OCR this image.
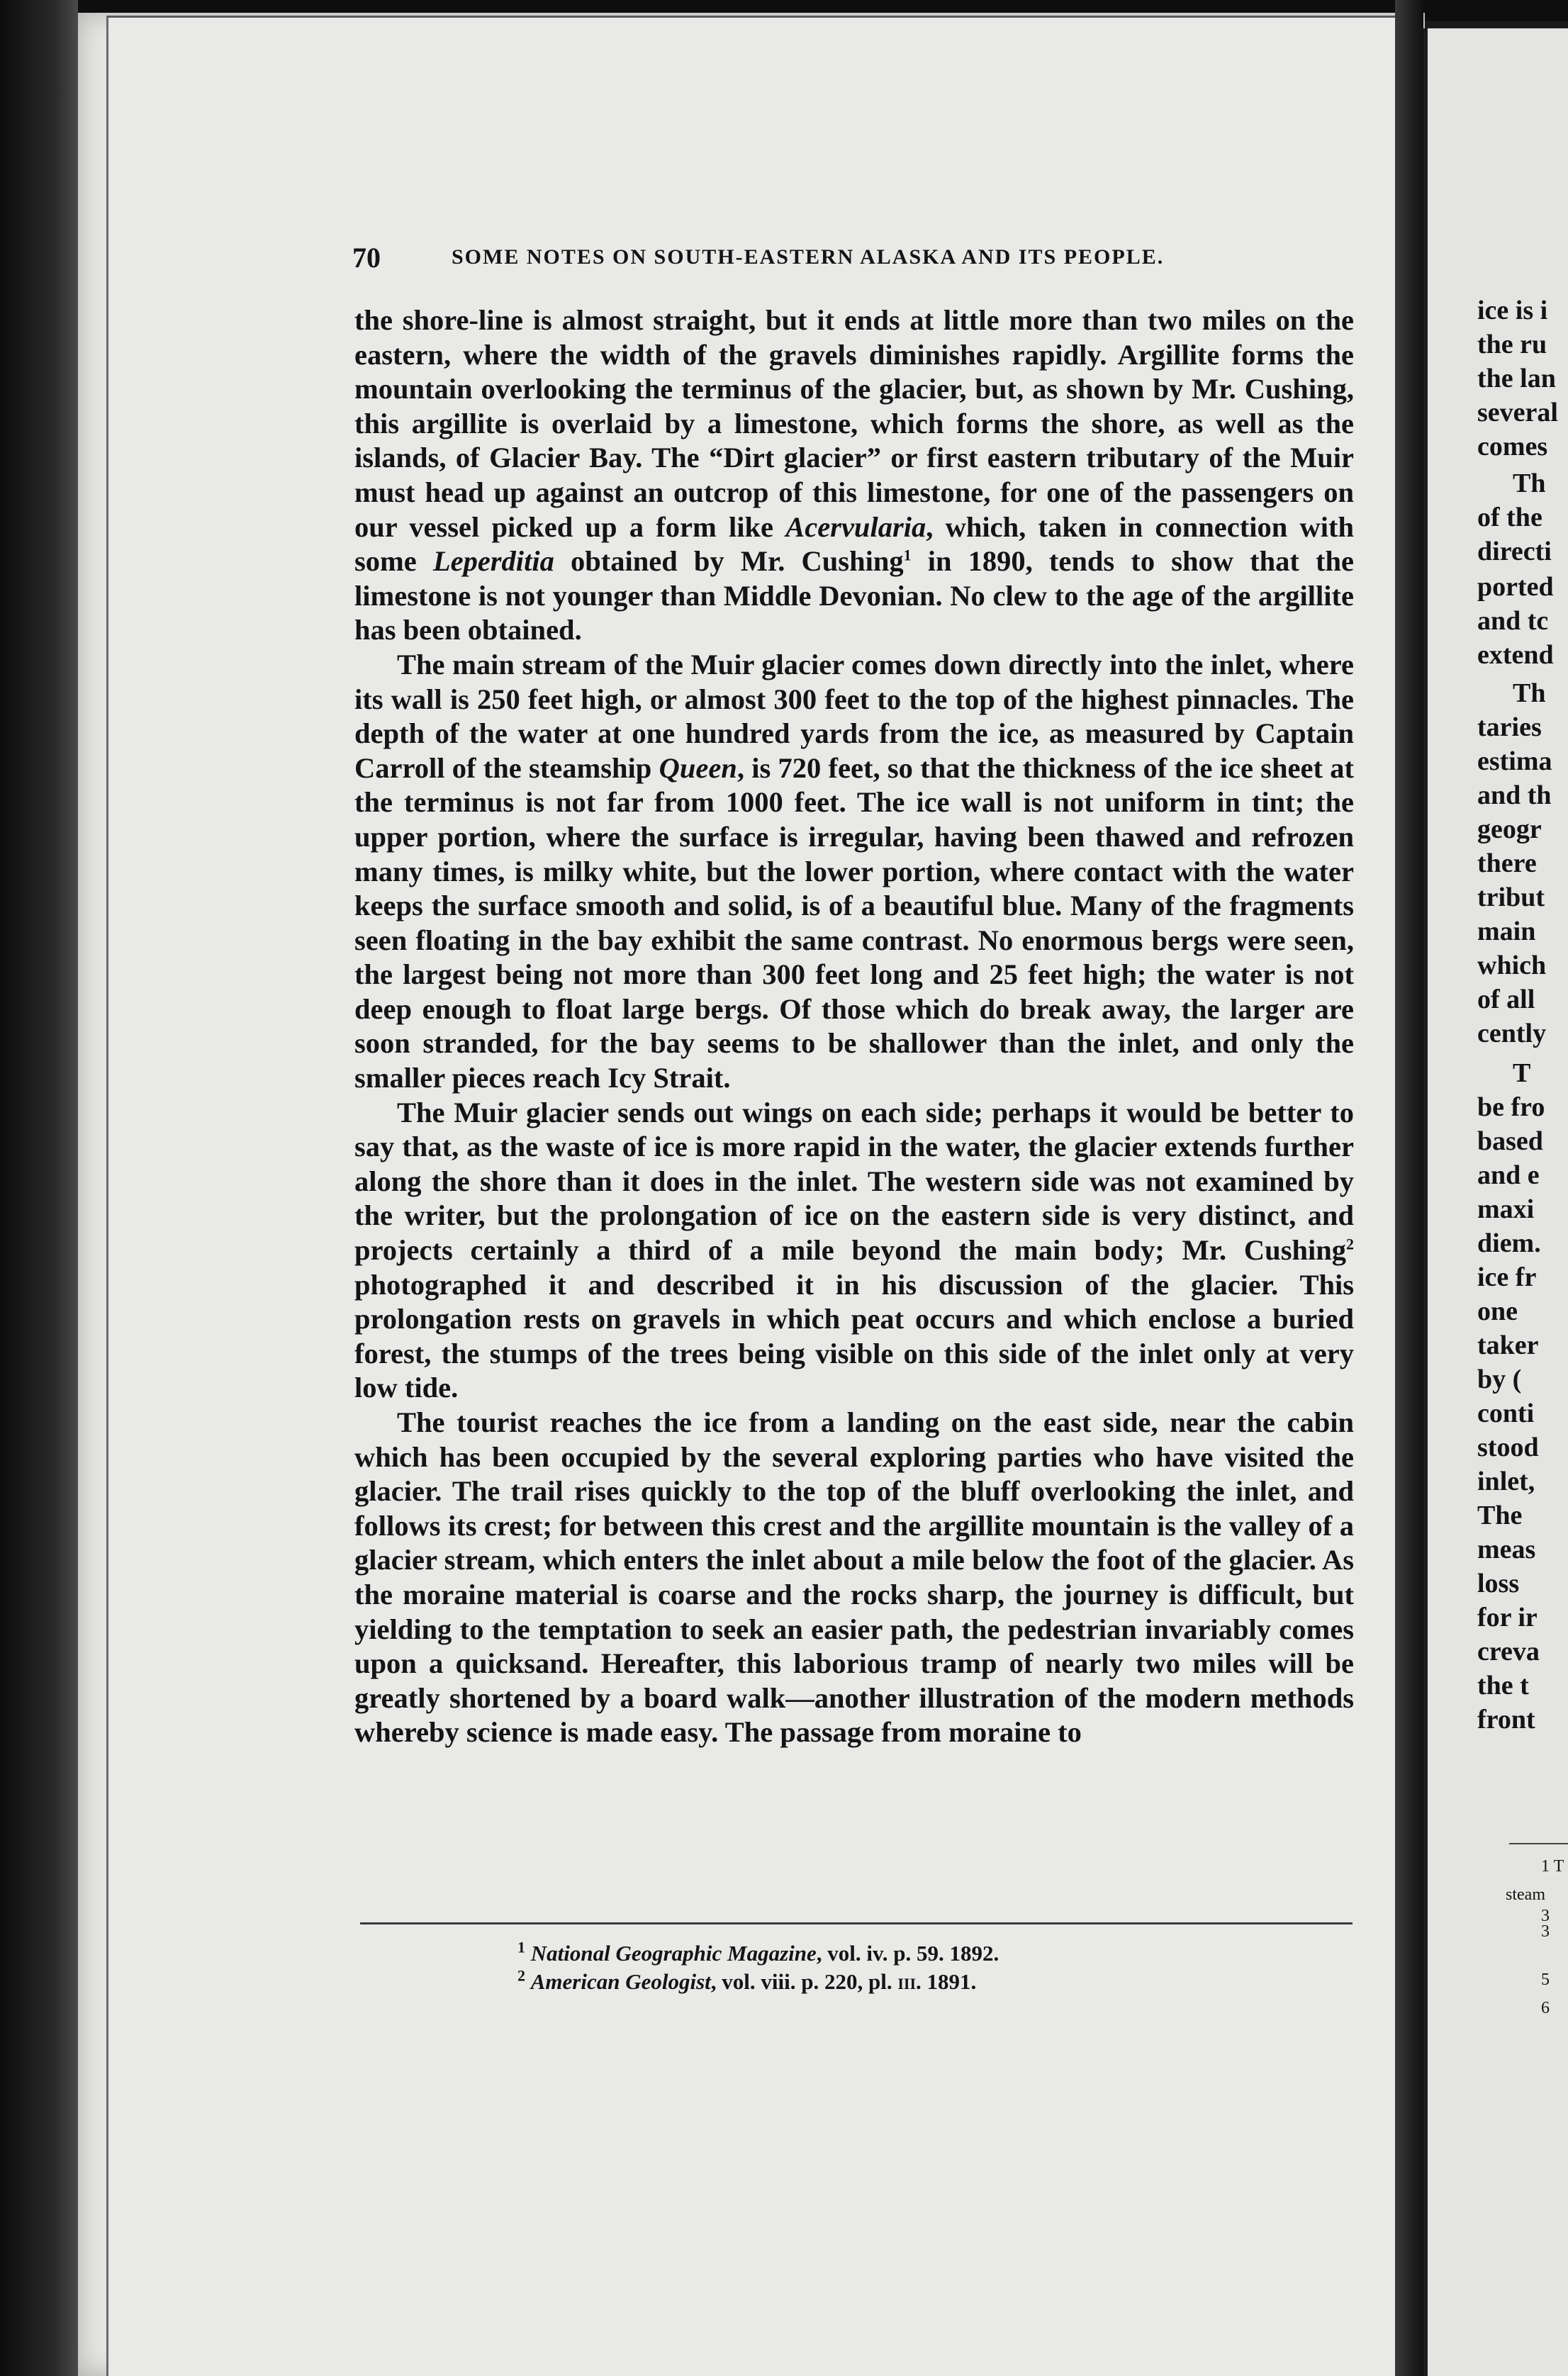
ice is i
the ru
the lan
several
comes
Th
of the
directi
ported
and tc
extend
Th
taries
estima
and th
geogr
there
tribut
main
which
of all
cently
T
be fro
based
and e
maxi
diem.
ice fr
one
taker
by (
conti
stood
inlet,
The
meas
loss
for ir
creva
the t
front
1 T
steam
3
3
5
6
70	SOME NOTES ON SOUTH-EASTERN ALASKA AND ITS PEOPLE.

the shore-line is almost straight, but it ends at little more than two miles on the eastern, where the width of the gravels diminishes rapidly. Argillite forms the mountain overlooking the terminus of the glacier, but, as shown by Mr. Cushing, this argillite is overlaid by a limestone, which forms the shore, as well as the islands, of Glacier Bay. The “Dirt glacier” or first eastern tributary of the Muir must head up against an outcrop of this limestone, for one of the passengers on our vessel picked up a form like Acervularia, which, taken in connection with some Leperditia obtained by Mr. Cushing$^1$ in 1890, tends to show that the limestone is not younger than Middle Devonian. No clew to the age of the argillite has been obtained.

The main stream of the Muir glacier comes down directly into the inlet, where its wall is 250 feet high, or almost 300 feet to the top of the highest pinnacles. The depth of the water at one hundred yards from the ice, as measured by Captain Carroll of the steamship Queen, is 720 feet, so that the thickness of the ice sheet at the terminus is not far from 1000 feet. The ice wall is not uniform in tint; the upper portion, where the surface is irregular, having been thawed and refrozen many times, is milky white, but the lower portion, where contact with the water keeps the surface smooth and solid, is of a beautiful blue. Many of the fragments seen floating in the bay exhibit the same contrast. No enormous bergs were seen, the largest being not more than 300 feet long and 25 feet high; the water is not deep enough to float large bergs. Of those which do break away, the larger are soon stranded, for the bay seems to be shallower than the inlet, and only the smaller pieces reach Icy Strait.

The Muir glacier sends out wings on each side; perhaps it would be better to say that, as the waste of ice is more rapid in the water, the glacier extends further along the shore than it does in the inlet. The western side was not examined by the writer, but the prolongation of ice on the eastern side is very distinct, and projects certainly a third of a mile beyond the main body; Mr. Cushing$^2$ photographed it and described it in his discussion of the glacier. This prolongation rests on gravels in which peat occurs and which enclose a buried forest, the stumps of the trees being visible on this side of the inlet only at very low tide.

The tourist reaches the ice from a landing on the east side, near the cabin which has been occupied by the several exploring parties who have visited the glacier. The trail rises quickly to the top of the bluff overlooking the inlet, and follows its crest; for between this crest and the argillite mountain is the valley of a glacier stream, which enters the inlet about a mile below the foot of the glacier. As the moraine material is coarse and the rocks sharp, the journey is difficult, but yielding to the temptation to seek an easier path, the pedestrian invariably comes upon a quicksand. Hereafter, this laborious tramp of nearly two miles will be greatly shortened by a board walk—another illustration of the modern methods whereby science is made easy. The passage from moraine to

$^1$ National Geographic Magazine, vol. iv. p. 59. 1892.
$^2$ American Geologist, vol. viii. p. 220, pl. iii. 1891.
